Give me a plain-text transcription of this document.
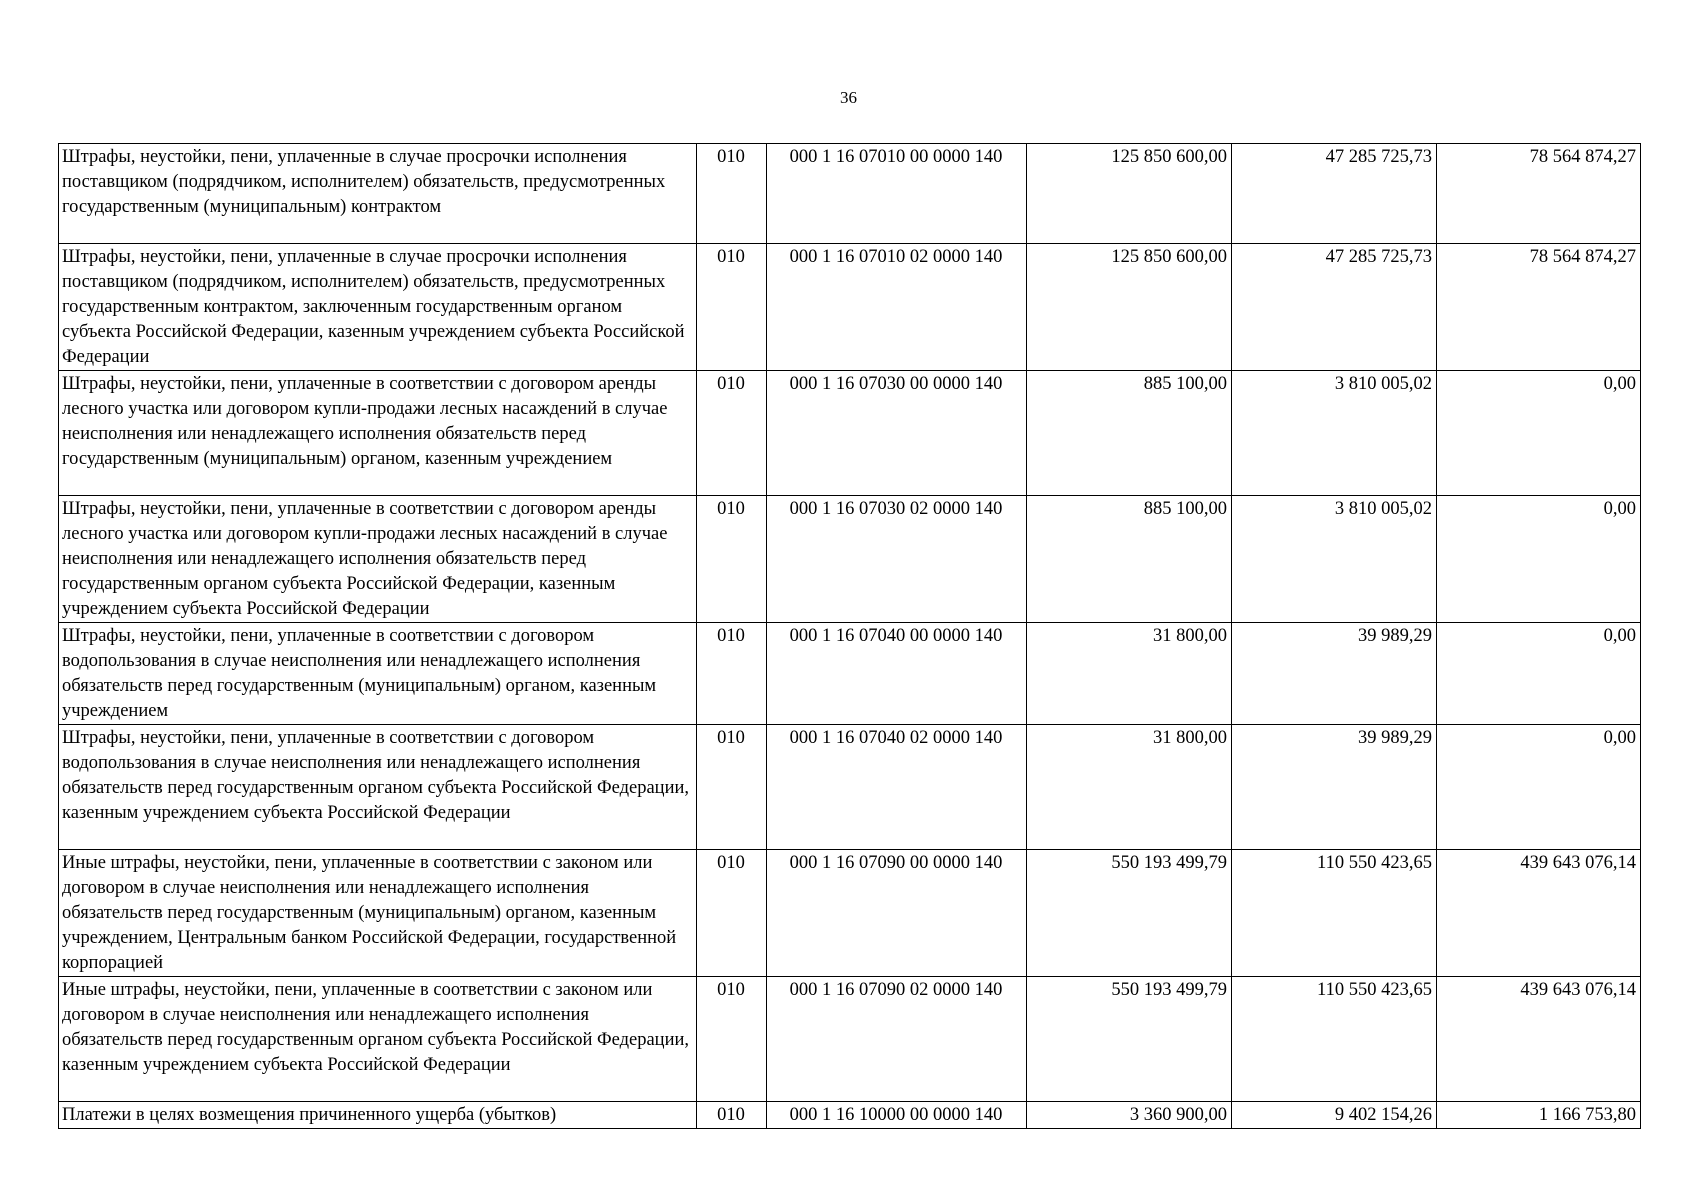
36
Штрафы, неустойки, пени, уплаченные в случае просрочки исполнения поставщиком (подрядчиком, исполнителем) обязательств, предусмотренных государственным (муниципальным) контрактом	010	000 1 16 07010 00 0000 140	125 850 600,00	47 285 725,73	78 564 874,27
Штрафы, неустойки, пени, уплаченные в случае просрочки исполнения поставщиком (подрядчиком, исполнителем) обязательств, предусмотренных государственным контрактом, заключенным государственным органом субъекта Российской Федерации, казенным учреждением субъекта Российской Федерации	010	000 1 16 07010 02 0000 140	125 850 600,00	47 285 725,73	78 564 874,27
Штрафы, неустойки, пени, уплаченные в соответствии с договором аренды лесного участка или договором купли-продажи лесных насаждений в случае неисполнения или ненадлежащего исполнения обязательств перед государственным (муниципальным) органом, казенным учреждением	010	000 1 16 07030 00 0000 140	885 100,00	3 810 005,02	0,00
Штрафы, неустойки, пени, уплаченные в соответствии с договором аренды лесного участка или договором купли-продажи лесных насаждений в случае неисполнения или ненадлежащего исполнения обязательств перед государственным органом субъекта Российской Федерации, казенным учреждением субъекта Российской Федерации	010	000 1 16 07030 02 0000 140	885 100,00	3 810 005,02	0,00
Штрафы, неустойки, пени, уплаченные в соответствии с договором водопользования в случае неисполнения или ненадлежащего исполнения обязательств перед государственным (муниципальным) органом, казенным учреждением	010	000 1 16 07040 00 0000 140	31 800,00	39 989,29	0,00
Штрафы, неустойки, пени, уплаченные в соответствии с договором водопользования в случае неисполнения или ненадлежащего исполнения обязательств перед государственным органом субъекта Российской Федерации, казенным учреждением субъекта Российской Федерации	010	000 1 16 07040 02 0000 140	31 800,00	39 989,29	0,00
Иные штрафы, неустойки, пени, уплаченные в соответствии с законом или договором в случае неисполнения или ненадлежащего исполнения обязательств перед государственным (муниципальным) органом, казенным учреждением, Центральным банком Российской Федерации, государственной корпорацией	010	000 1 16 07090 00 0000 140	550 193 499,79	110 550 423,65	439 643 076,14
Иные штрафы, неустойки, пени, уплаченные в соответствии с законом или договором в случае неисполнения или ненадлежащего исполнения обязательств перед государственным органом субъекта Российской Федерации, казенным учреждением субъекта Российской Федерации	010	000 1 16 07090 02 0000 140	550 193 499,79	110 550 423,65	439 643 076,14
Платежи в целях возмещения причиненного ущерба (убытков)	010	000 1 16 10000 00 0000 140	3 360 900,00	9 402 154,26	1 166 753,80
